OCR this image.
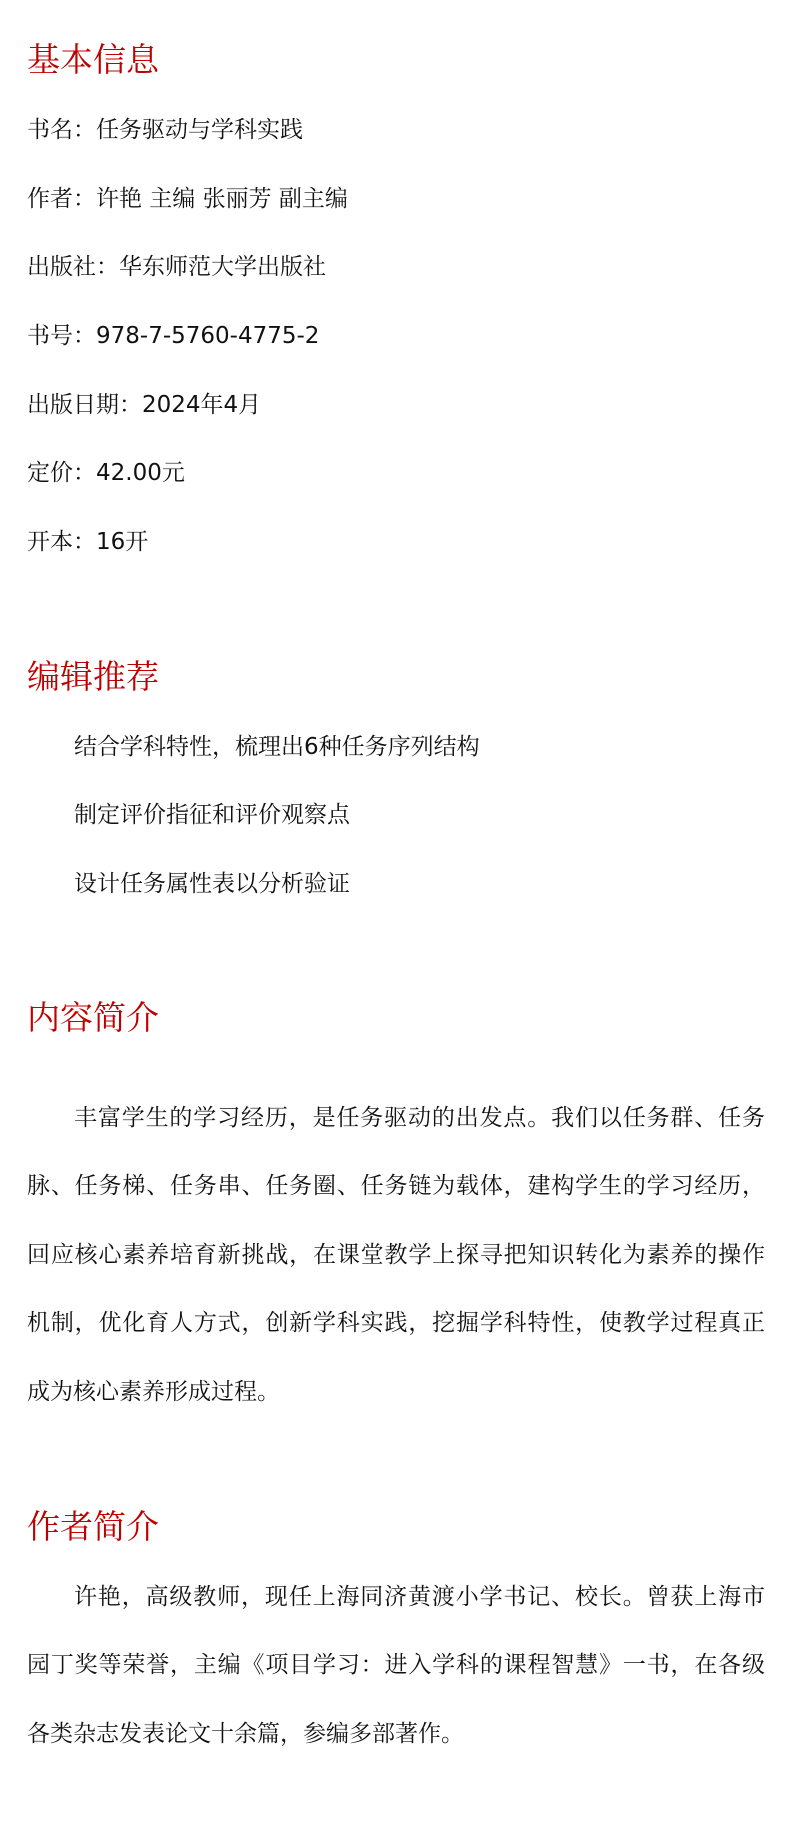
基本信息

书名：任务驱动与学科实践

作者：许艳 主编 张丽芳 副主编

出版社：华东师范大学出版社

书号：978-7-5760-4775-2

出版日期：2024年4月

定价：42.00元

开本：16开

编辑推荐

结合学科特性，梳理出6种任务序列结构

制定评价指征和评价观察点

设计任务属性表以分析验证

内容简介

丰富学生的学习经历，是任务驱动的出发点。我们以任务群、任务

脉、任务梯、任务串、任务圈、任务链为载体，建构学生的学习经历，

回应核心素养培育新挑战，在课堂教学上探寻把知识转化为素养的操作

机制，优化育人方式，创新学科实践，挖掘学科特性，使教学过程真正

成为核心素养形成过程。

作者简介

许艳，高级教师，现任上海同济黄渡小学书记、校长。曾获上海市

园丁奖等荣誉，主编《项目学习：进入学科的课程智慧》一书，在各级

各类杂志发表论文十余篇，参编多部著作。
